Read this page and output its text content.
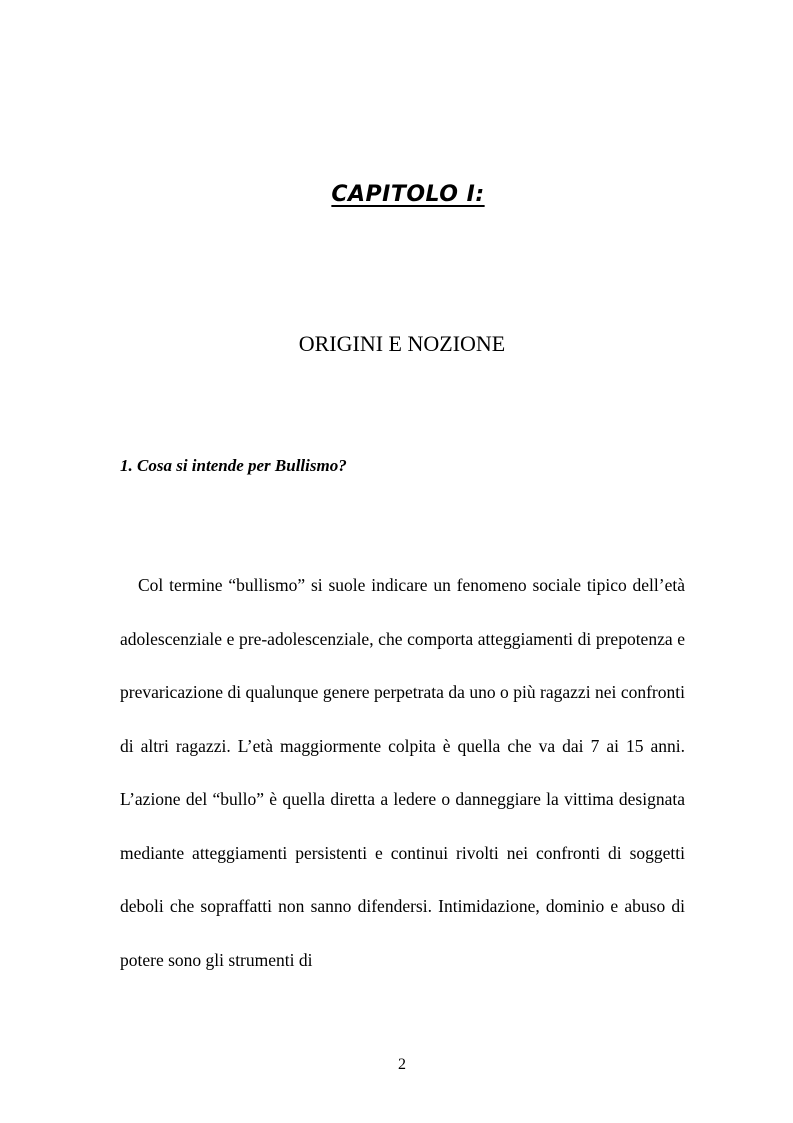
CAPITOLO I:
ORIGINI E NOZIONE
1. Cosa si intende per Bullismo?

Col termine “bullismo” si suole indicare un fenomeno sociale tipico dell’età adolescenziale e pre-adolescenziale, che comporta atteggiamenti di prepotenza e prevaricazione di qualunque genere perpetrata da uno o più ragazzi nei confronti di altri ragazzi. L’età maggiormente colpita è quella che va dai 7 ai 15 anni. L’azione del “bullo” è quella diretta a ledere o danneggiare la vittima designata mediante atteggiamenti persistenti e continui rivolti nei confronti di soggetti deboli che sopraffatti non sanno difendersi. Intimidazione, dominio e abuso di potere sono gli strumenti di

2
